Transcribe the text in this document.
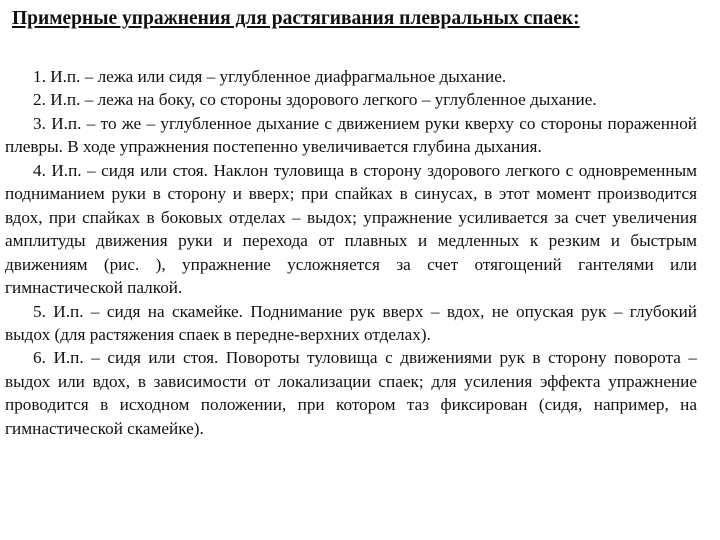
Примерные упражнения для растягивания плевральных спаек:

1. И.п. – лежа или сидя – углубленное диафрагмальное дыхание.

2. И.п. – лежа на боку, со стороны здорового легкого – углубленное дыхание.

3. И.п. – то же – углубленное дыхание с движением руки кверху со стороны пораженной плевры. В ходе упражнения постепенно увеличивается глубина дыхания.

4. И.п. – сидя или стоя. Наклон туловища в сторону здорового легкого с одновременным подниманием руки в сторону и вверх; при спайках в синусах, в этот момент производится вдох, при спайках в боковых отделах – выдох; упражнение усиливается за счет увеличения амплитуды движения руки и перехода от плавных и медленных к резким и быстрым движениям (рис. ), упражнение усложняется за счет отягощений гантелями или гимнастической палкой.

5. И.п. – сидя на скамейке. Поднимание рук вверх – вдох, не опуская рук – глубокий выдох (для растяжения спаек в передне-верхних отделах).

6. И.п. – сидя или стоя. Повороты туловища с движениями рук в сторону поворота – выдох или вдох, в зависимости от локализации спаек; для усиления эффекта упражнение проводится в исходном положении, при котором таз фиксирован (сидя, например, на гимнастической скамейке).
